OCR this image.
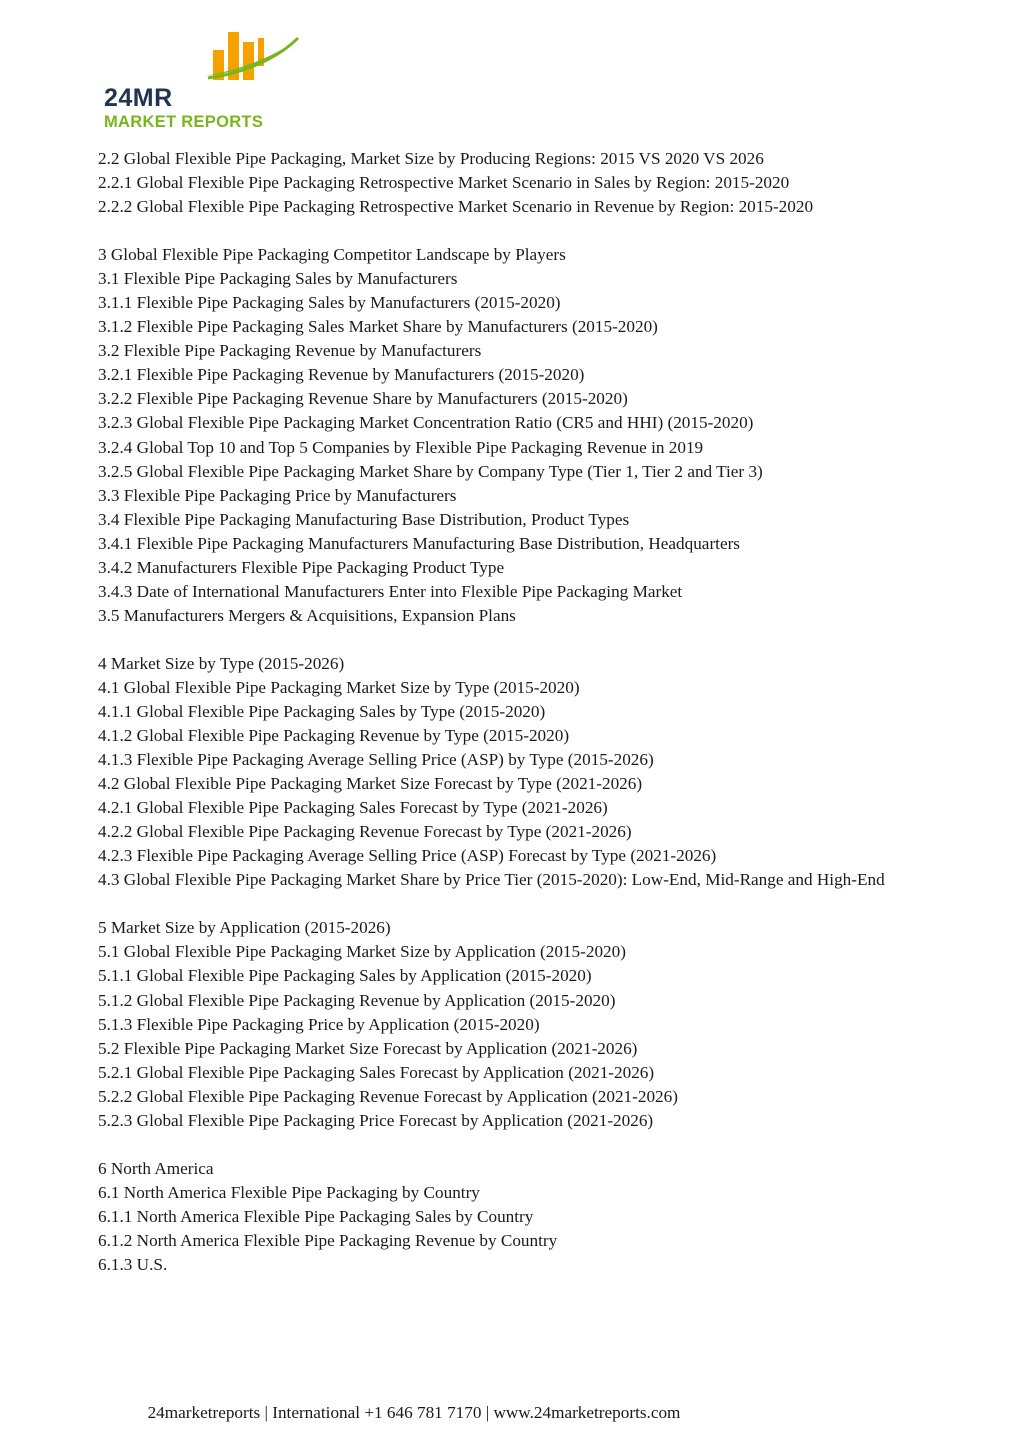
24MR
MARKET REPORTS
2.2 Global Flexible Pipe Packaging, Market Size by Producing Regions: 2015 VS 2020 VS 2026
2.2.1 Global Flexible Pipe Packaging Retrospective Market Scenario in Sales by Region: 2015-2020
2.2.2 Global Flexible Pipe Packaging Retrospective Market Scenario in Revenue by Region: 2015-2020
3 Global Flexible Pipe Packaging Competitor Landscape by Players
3.1 Flexible Pipe Packaging Sales by Manufacturers
3.1.1 Flexible Pipe Packaging Sales by Manufacturers (2015-2020)
3.1.2 Flexible Pipe Packaging Sales Market Share by Manufacturers (2015-2020)
3.2 Flexible Pipe Packaging Revenue by Manufacturers
3.2.1 Flexible Pipe Packaging Revenue by Manufacturers (2015-2020)
3.2.2 Flexible Pipe Packaging Revenue Share by Manufacturers (2015-2020)
3.2.3 Global Flexible Pipe Packaging Market Concentration Ratio (CR5 and HHI) (2015-2020)
3.2.4 Global Top 10 and Top 5 Companies by Flexible Pipe Packaging Revenue in 2019
3.2.5 Global Flexible Pipe Packaging Market Share by Company Type (Tier 1, Tier 2 and Tier 3)
3.3 Flexible Pipe Packaging Price by Manufacturers
3.4 Flexible Pipe Packaging Manufacturing Base Distribution, Product Types
3.4.1 Flexible Pipe Packaging Manufacturers Manufacturing Base Distribution, Headquarters
3.4.2 Manufacturers Flexible Pipe Packaging Product Type
3.4.3 Date of International Manufacturers Enter into Flexible Pipe Packaging Market
3.5 Manufacturers Mergers & Acquisitions, Expansion Plans
4 Market Size by Type (2015-2026)
4.1 Global Flexible Pipe Packaging Market Size by Type (2015-2020)
4.1.1 Global Flexible Pipe Packaging Sales by Type (2015-2020)
4.1.2 Global Flexible Pipe Packaging Revenue by Type (2015-2020)
4.1.3 Flexible Pipe Packaging Average Selling Price (ASP) by Type (2015-2026)
4.2 Global Flexible Pipe Packaging Market Size Forecast by Type (2021-2026)
4.2.1 Global Flexible Pipe Packaging Sales Forecast by Type (2021-2026)
4.2.2 Global Flexible Pipe Packaging Revenue Forecast by Type (2021-2026)
4.2.3 Flexible Pipe Packaging Average Selling Price (ASP) Forecast by Type (2021-2026)
4.3 Global Flexible Pipe Packaging Market Share by Price Tier (2015-2020): Low-End, Mid-Range and High-End
5 Market Size by Application (2015-2026)
5.1 Global Flexible Pipe Packaging Market Size by Application (2015-2020)
5.1.1 Global Flexible Pipe Packaging Sales by Application (2015-2020)
5.1.2 Global Flexible Pipe Packaging Revenue by Application (2015-2020)
5.1.3 Flexible Pipe Packaging Price by Application (2015-2020)
5.2 Flexible Pipe Packaging Market Size Forecast by Application (2021-2026)
5.2.1 Global Flexible Pipe Packaging Sales Forecast by Application (2021-2026)
5.2.2 Global Flexible Pipe Packaging Revenue Forecast by Application (2021-2026)
5.2.3 Global Flexible Pipe Packaging Price Forecast by Application (2021-2026)
6 North America
6.1 North America Flexible Pipe Packaging by Country
6.1.1 North America Flexible Pipe Packaging Sales by Country
6.1.2 North America Flexible Pipe Packaging Revenue by Country
6.1.3 U.S.
24marketreports | International +1 646 781 7170 | www.24marketreports.com
